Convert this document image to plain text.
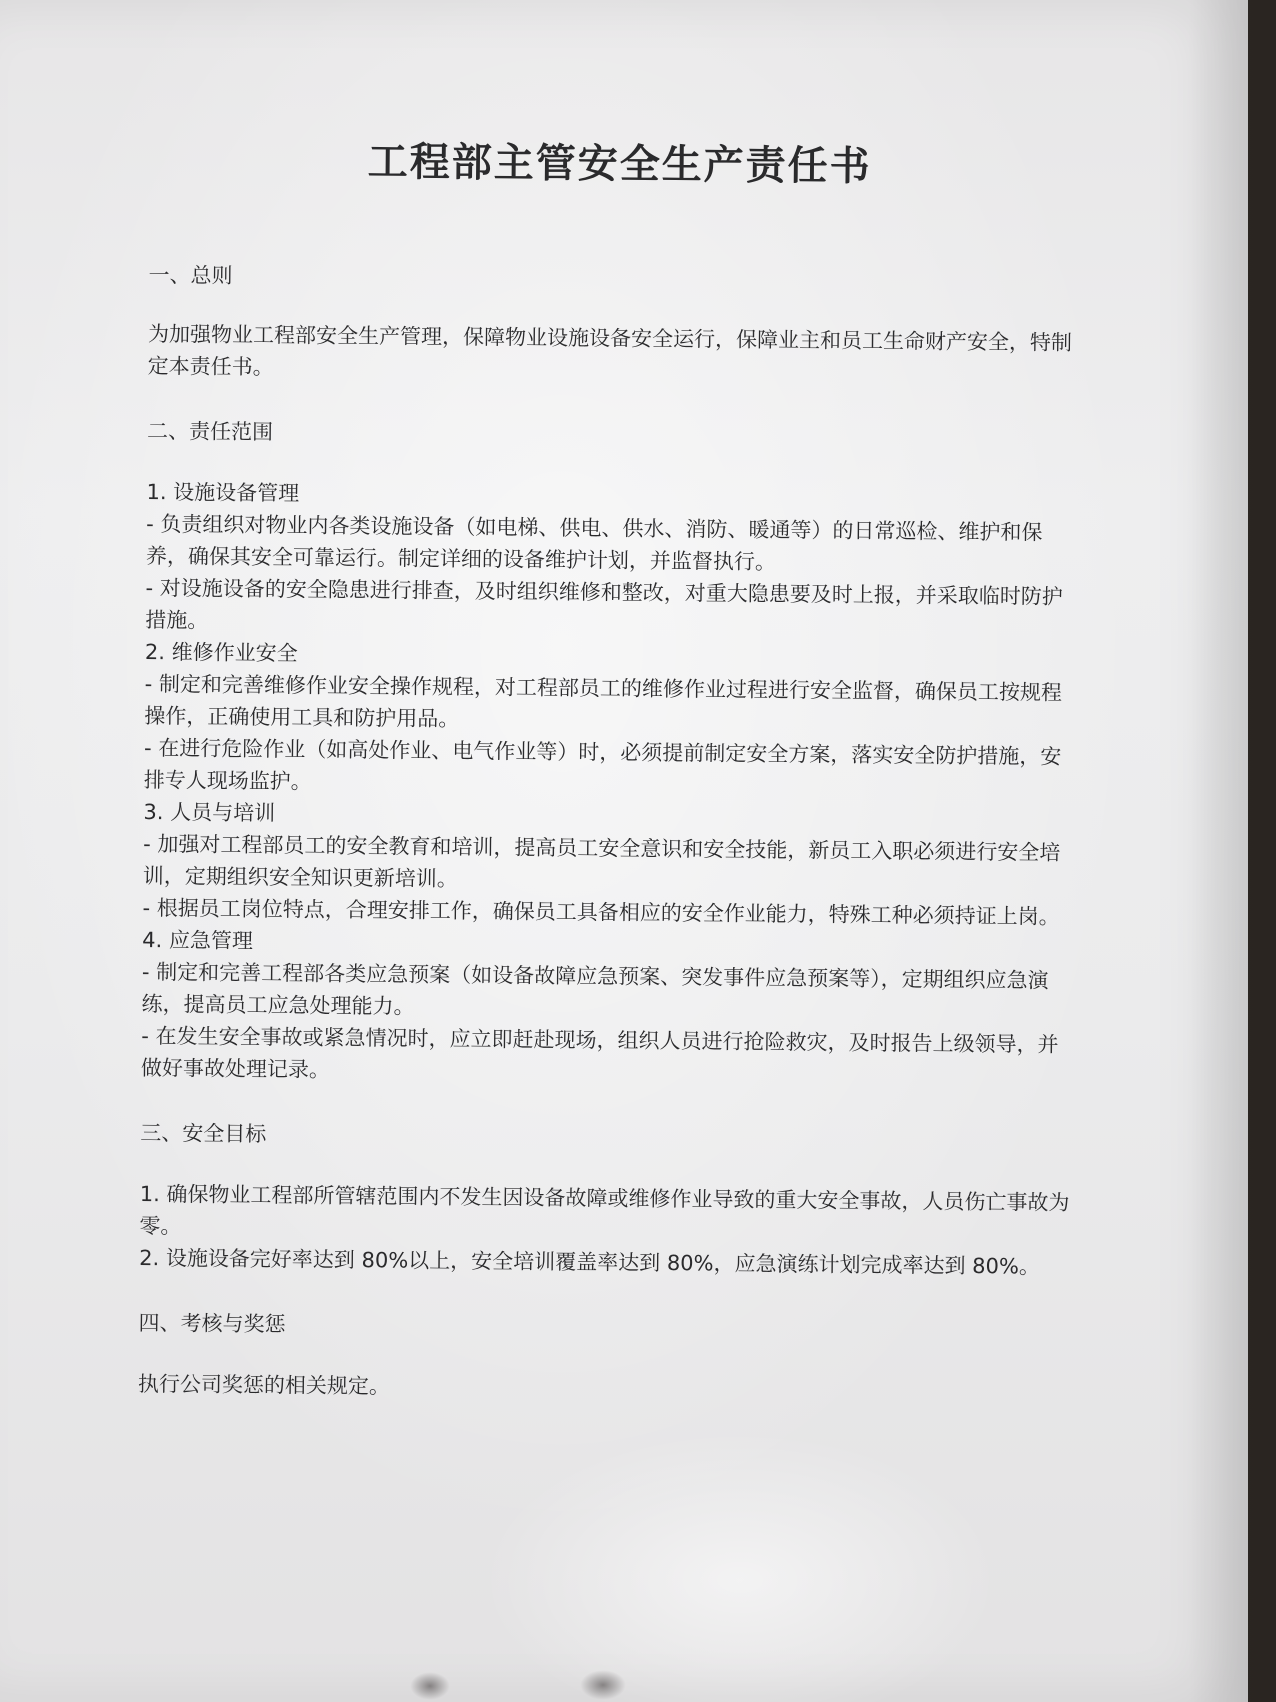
工程部主管安全生产责任书

一、总则

为加强物业工程部安全生产管理，保障物业设施设备安全运行，保障业主和员工生命财产安全，特制定本责任书。

二、责任范围

1. 设施设备管理

- 负责组织对物业内各类设施设备（如电梯、供电、供水、消防、暖通等）的日常巡检、维护和保养，确保其安全可靠运行。制定详细的设备维护计划，并监督执行。

- 对设施设备的安全隐患进行排查，及时组织维修和整改，对重大隐患要及时上报，并采取临时防护措施。

2. 维修作业安全

- 制定和完善维修作业安全操作规程，对工程部员工的维修作业过程进行安全监督，确保员工按规程操作，正确使用工具和防护用品。

- 在进行危险作业（如高处作业、电气作业等）时，必须提前制定安全方案，落实安全防护措施，安排专人现场监护。

3. 人员与培训

- 加强对工程部员工的安全教育和培训，提高员工安全意识和安全技能，新员工入职必须进行安全培训，定期组织安全知识更新培训。

- 根据员工岗位特点，合理安排工作，确保员工具备相应的安全作业能力，特殊工种必须持证上岗。

4. 应急管理

- 制定和完善工程部各类应急预案（如设备故障应急预案、突发事件应急预案等），定期组织应急演练，提高员工应急处理能力。

- 在发生安全事故或紧急情况时，应立即赶赴现场，组织人员进行抢险救灾，及时报告上级领导，并做好事故处理记录。

三、安全目标

1. 确保物业工程部所管辖范围内不发生因设备故障或维修作业导致的重大安全事故，人员伤亡事故为零。

2. 设施设备完好率达到 80%以上，安全培训覆盖率达到 80%，应急演练计划完成率达到 80%。

四、考核与奖惩

执行公司奖惩的相关规定。
